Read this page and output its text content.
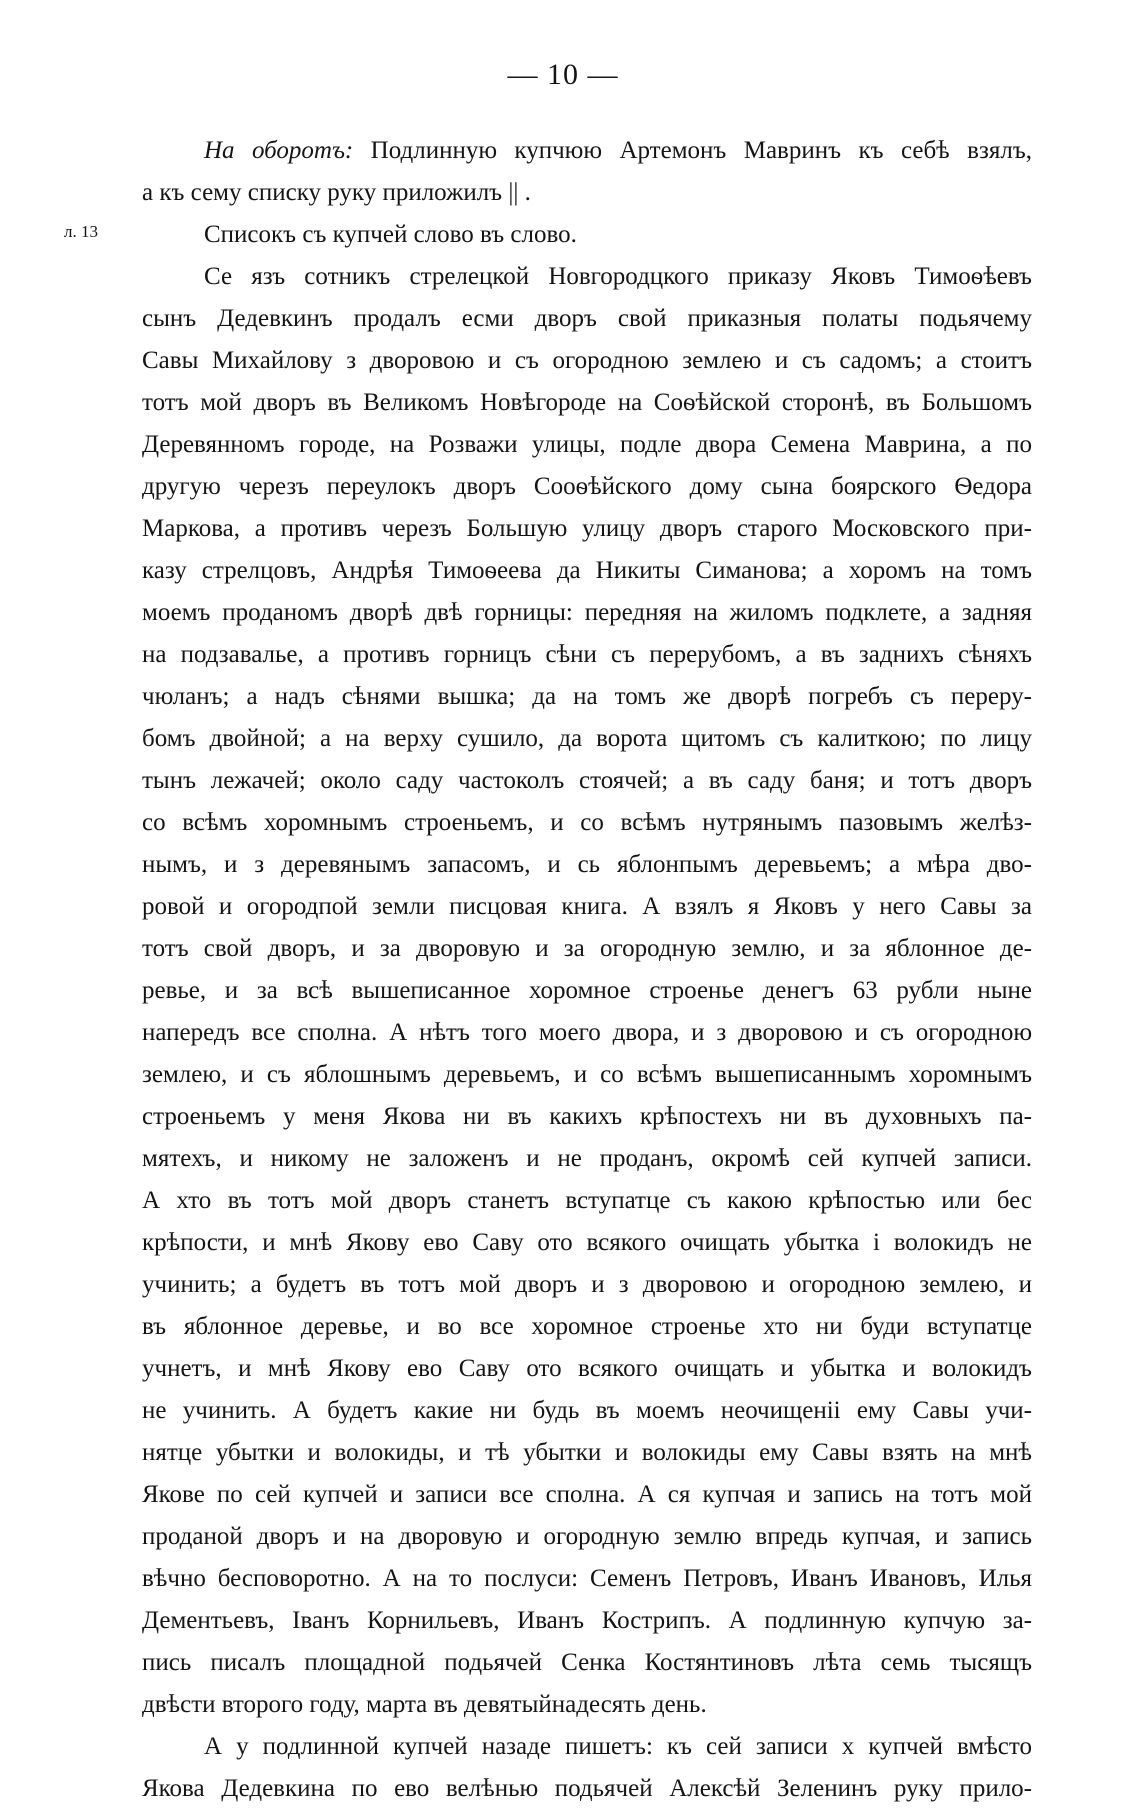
— 10 —
л. 13
На оборотъ: Подлинную купчюю Артемонъ Мавринъ къ себѣ взялъ,
а къ сему списку руку приложилъ || .
Списокъ съ купчей слово въ слово.
Се язъ сотникъ стрелецкой Новгородцкого приказу Яковъ Тимоѳѣевъ
сынъ Дедевкинъ продалъ есми дворъ свой приказныя полаты подьячему
Савы Михайлову з дворовою и съ огородною землею и съ садомъ; а стоитъ
тотъ мой дворъ въ Великомъ Новѣгороде на Соѳѣйской сторонѣ, въ Большомъ
Деревянномъ городе, на Розважи улицы, подле двора Семена Маврина, а по
другую черезъ переулокъ дворъ Сооѳѣйского дому сына боярского Ѳедора
Маркова, а противъ черезъ Большую улицу дворъ старого Московского при-
казу стрелцовъ, Андрѣя Тимоѳеева да Никиты Симанова; а хоромъ на томъ
моемъ проданомъ дворѣ двѣ горницы: передняя на жиломъ подклете, а задняя
на подзавалье, а противъ горницъ сѣни съ перерубомъ, а въ заднихъ сѣняхъ
чюланъ; а надъ сѣнями вышка; да на томъ же дворѣ погребъ съ переру-
бомъ двойной; а на верху сушило, да ворота щитомъ съ калиткою; по лицу
тынъ лежачей; около саду частоколъ стоячей; а въ саду баня; и тотъ дворъ
со всѣмъ хоромнымъ строеньемъ, и со всѣмъ нутрянымъ пазовымъ желѣз-
нымъ, и з деревянымъ запасомъ, и сь яблонпымъ деревьемъ; а мѣра дво-
ровой и огородпой земли писцовая книга. А взялъ я Яковъ у него Савы за
тотъ свой дворъ, и за дворовую и за огородную землю, и за яблонное де-
ревье, и за всѣ вышеписанное хоромное строенье денегъ 63 рубли ныне
напередъ все сполна. А нѣтъ того моего двора, и з дворовою и съ огородною
землею, и съ яблошнымъ деревьемъ, и со всѣмъ вышеписаннымъ хоромнымъ
строеньемъ у меня Якова ни въ какихъ крѣпостехъ ни въ духовныхъ па-
мятехъ, и никому не заложенъ и не проданъ, окромѣ сей купчей записи.
А хто въ тотъ мой дворъ станетъ вступатце съ какою крѣпостью или бес
крѣпости, и мнѣ Якову ево Саву ото всякого очищать убытка і волокидъ не
учинить; а будетъ въ тотъ мой дворъ и з дворовою и огородною землею, и
въ яблонное деревье, и во все хоромное строенье хто ни буди вступатце
учнетъ, и мнѣ Якову ево Саву ото всякого очищать и убытка и волокидъ
не учинить. А будетъ какие ни будь въ моемъ неочищеніі ему Савы учи-
нятце убытки и волокиды, и тѣ убытки и волокиды ему Савы взять на мнѣ
Якове по сей купчей и записи все сполна. А ся купчая и запись на тотъ мой
проданой дворъ и на дворовую и огородную землю впредь купчая, и запись
вѣчно бесповоротно. А на то послуси: Семенъ Петровъ, Иванъ Ивановъ, Илья
Дементьевъ, Іванъ Корнильевъ, Иванъ Кострипъ. А подлинную купчую за-
пись писалъ площадной подьячей Сенка Костянтиновъ лѣта семь тысящъ
двѣсти второго году, марта въ девятыйнадесять день.
А у подлинной купчей назаде пишетъ: къ сей записи х купчей вмѣсто
Якова Дедевкина по ево велѣнью подьячей Алексѣй Зеленинъ руку прило-
